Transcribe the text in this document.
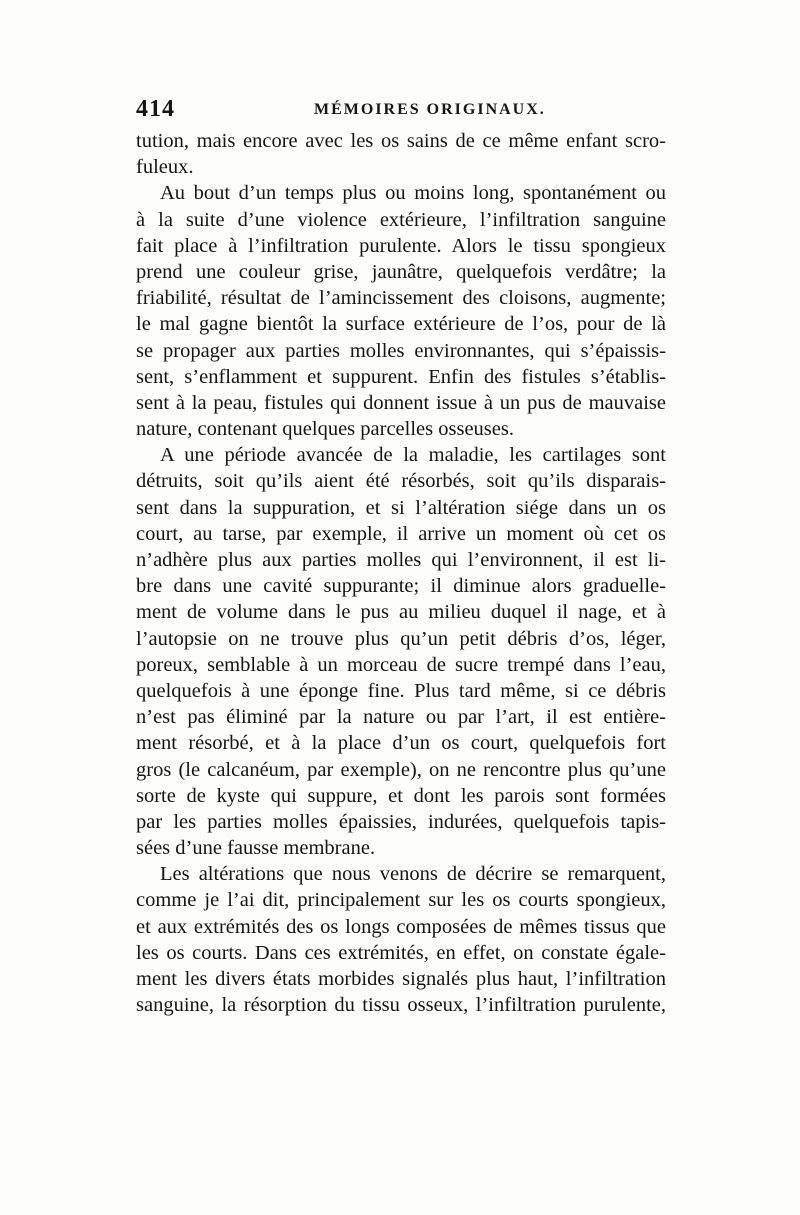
414	MÉMOIRES ORIGINAUX.
tution, mais encore avec les os sains de ce même enfant scro-
fuleux.
Au bout d’un temps plus ou moins long, spontanément ou
à la suite d’une violence extérieure, l’infiltration sanguine
fait place à l’infiltration purulente. Alors le tissu spongieux
prend une couleur grise, jaunâtre, quelquefois verdâtre; la
friabilité, résultat de l’amincissement des cloisons, augmente;
le mal gagne bientôt la surface extérieure de l’os, pour de là
se propager aux parties molles environnantes, qui s’épaissis-
sent, s’enflamment et suppurent. Enfin des fistules s’établis-
sent à la peau, fistules qui donnent issue à un pus de mauvaise
nature, contenant quelques parcelles osseuses.
A une période avancée de la maladie, les cartilages sont
détruits, soit qu’ils aient été résorbés, soit qu’ils disparais-
sent dans la suppuration, et si l’altération siége dans un os
court, au tarse, par exemple, il arrive un moment où cet os
n’adhère plus aux parties molles qui l’environnent, il est li-
bre dans une cavité suppurante; il diminue alors graduelle-
ment de volume dans le pus au milieu duquel il nage, et à
l’autopsie on ne trouve plus qu’un petit débris d’os, léger,
poreux, semblable à un morceau de sucre trempé dans l’eau,
quelquefois à une éponge fine. Plus tard même, si ce débris
n’est pas éliminé par la nature ou par l’art, il est entière-
ment résorbé, et à la place d’un os court, quelquefois fort
gros (le calcanéum, par exemple), on ne rencontre plus qu’une
sorte de kyste qui suppure, et dont les parois sont formées
par les parties molles épaissies, indurées, quelquefois tapis-
sées d’une fausse membrane.
Les altérations que nous venons de décrire se remarquent,
comme je l’ai dit, principalement sur les os courts spongieux,
et aux extrémités des os longs composées de mêmes tissus que
les os courts. Dans ces extrémités, en effet, on constate égale-
ment les divers états morbides signalés plus haut, l’infiltration
sanguine, la résorption du tissu osseux, l’infiltration purulente,
